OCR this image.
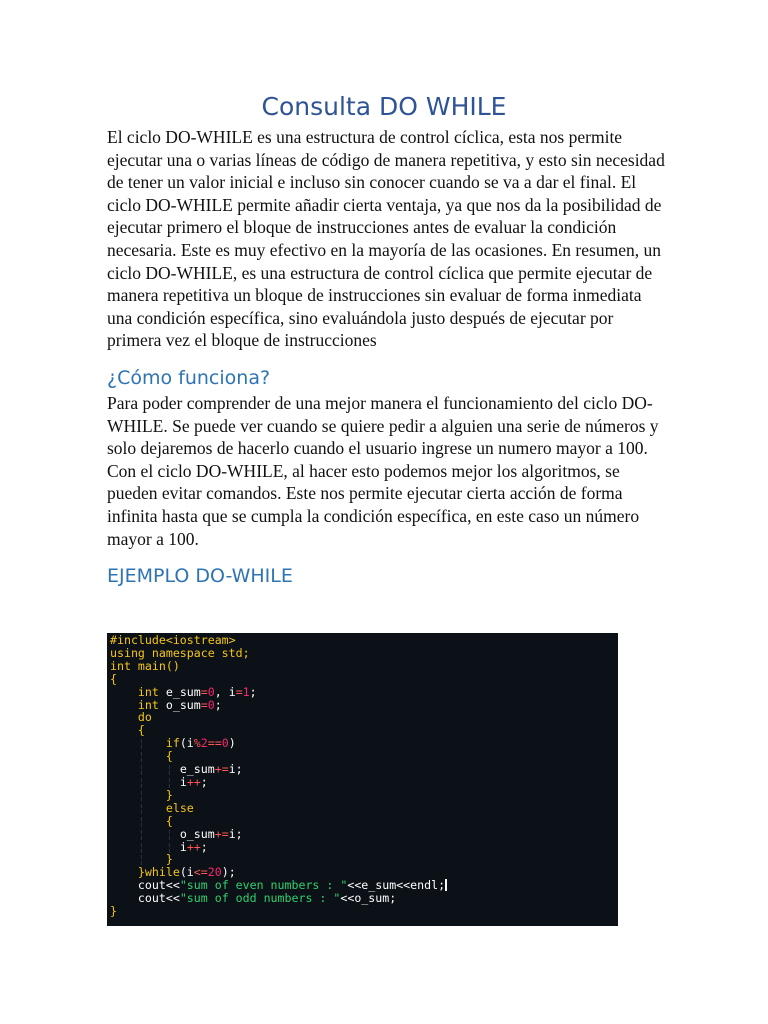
Consulta DO WHILE

El ciclo DO-WHILE es una estructura de control cíclica, esta nos permite ejecutar una o varias líneas de código de manera repetitiva, y esto sin necesidad de tener un valor inicial e incluso sin conocer cuando se va a dar el final. El ciclo DO-WHILE permite añadir cierta ventaja, ya que nos da la posibilidad de ejecutar primero el bloque de instrucciones antes de evaluar la condición necesaria. Este es muy efectivo en la mayoría de las ocasiones. En resumen, un ciclo DO-WHILE, es una estructura de control cíclica que permite ejecutar de manera repetitiva un bloque de instrucciones sin evaluar de forma inmediata una condición específica, sino evaluándola justo después de ejecutar por primera vez el bloque de instrucciones

¿Cómo funciona?

Para poder comprender de una mejor manera el funcionamiento del ciclo DO-WHILE. Se puede ver cuando se quiere pedir a alguien una serie de números y solo dejaremos de hacerlo cuando el usuario ingrese un numero mayor a 100. Con el ciclo DO-WHILE, al hacer esto podemos mejor los algoritmos, se pueden evitar comandos. Este nos permite ejecutar cierta acción de forma infinita hasta que se cumpla la condición específica, en este caso un número mayor a 100.

EJEMPLO DO-WHILE
#include<iostream>
using namespace std;
int main()
{
int e_sum=0, i=1;
int o_sum=0;
do
{
¦ if(i%2==0)
¦ {
¦ ¦ e_sum+=i;
¦ ¦ i++;
¦ }
¦ else
¦ {
¦ ¦ o_sum+=i;
¦ ¦ i++;
¦ }
}while(i<=20);
cout<<"sum of even numbers : "<<e_sum<<endl;
cout<<"sum of odd numbers : "<<o_sum;
}
